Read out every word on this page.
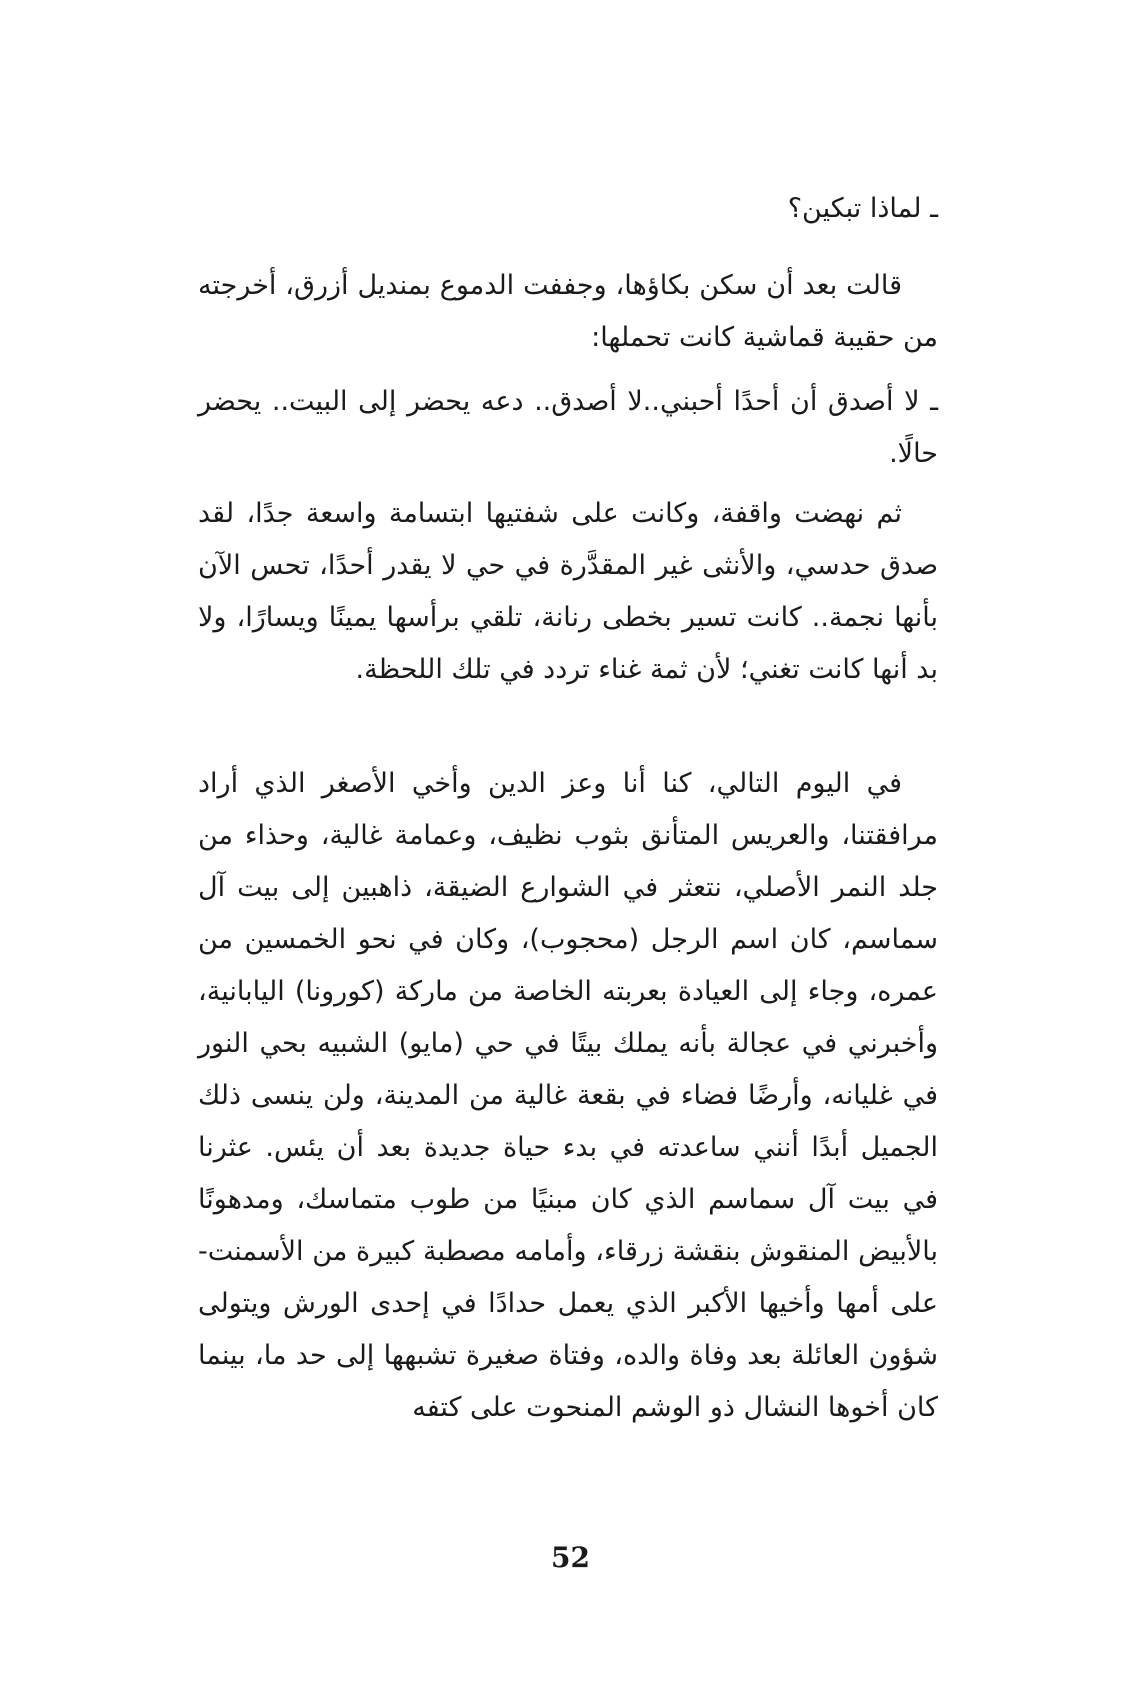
ـ لماذا تبكين؟

قالت بعد أن سكن بكاؤها، وجففت الدموع بمنديل أزرق، أخرجته من حقيبة قماشية كانت تحملها:

ـ لا أصدق أن أحدًا أحبني..لا أصدق.. دعه يحضر إلى البيت.. يحضر حالًا.

ثم نهضت واقفة، وكانت على شفتيها ابتسامة واسعة جدًا، لقد صدق حدسي، والأنثى غير المقدَّرة في حي لا يقدر أحدًا، تحس الآن بأنها نجمة.. كانت تسير بخطى رنانة، تلقي برأسها يمينًا ويسارًا، ولا بد أنها كانت تغني؛ لأن ثمة غناء تردد في تلك اللحظة.

في اليوم التالي، كنا أنا وعز الدين وأخي الأصغر الذي أراد مرافقتنا، والعريس المتأنق بثوب نظيف، وعمامة غالية، وحذاء من جلد النمر الأصلي، نتعثر في الشوارع الضيقة، ذاهبين إلى بيت آل سماسم، كان اسم الرجل (محجوب)، وكان في نحو الخمسين من عمره، وجاء إلى العيادة بعربته الخاصة من ماركة (كورونا) اليابانية، وأخبرني في عجالة بأنه يملك بيتًا في حي (مايو) الشبيه بحي النور في غليانه، وأرضًا فضاء في بقعة غالية من المدينة، ولن ينسى ذلك الجميل أبدًا أنني ساعدته في بدء حياة جديدة بعد أن يئس. عثرنا في بيت آل سماسم الذي كان مبنيًا من طوب متماسك، ومدهونًا بالأبيض المنقوش بنقشة زرقاء، وأمامه مصطبة كبيرة من الأسمنت-على أمها وأخيها الأكبر الذي يعمل حدادًا في إحدى الورش ويتولى شؤون العائلة بعد وفاة والده، وفتاة صغيرة تشبهها إلى حد ما، بينما كان أخوها النشال ذو الوشم المنحوت على كتفه

52
